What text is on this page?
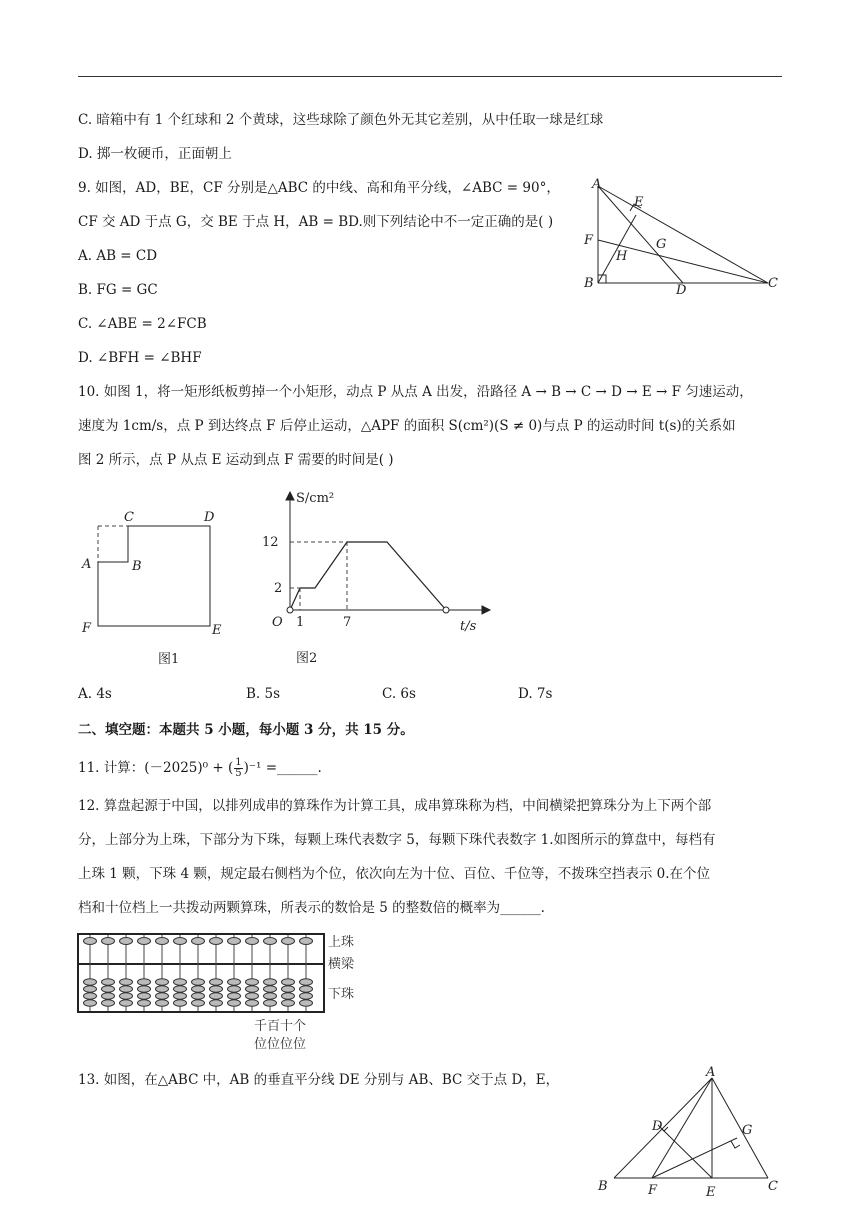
C. 暗箱中有 1 个红球和 2 个黄球，这些球除了颜色外无其它差别，从中任取一球是红球
D. 掷一枚硬币，正面朝上
9. 如图，AD，BE，CF 分别是△ABC 的中线、高和角平分线，∠ABC = 90°，
CF 交 AD 于点 G，交 BE 于点 H，AB = BD.则下列结论中不一定正确的是( )
A. AB = CD
B. FG = GC
C. ∠ABE = 2∠FCB
D. ∠BFH = ∠BHF
A
E
F	G
H
B	D	C
10. 如图 1，将一矩形纸板剪掉一个小矩形，动点 P 从点 A 出发，沿路径 A → B → C → D → E → F 匀速运动，
速度为 1cm/s，点 P 到达终点 F 后停止运动，△APF 的面积 S(cm²)(S ≠ 0)与点 P 的运动时间 t(s)的关系如
图 2 所示，点 P 从点 E 运动到点 F 需要的时间是( )
C	D
A	B
F	E
图1
S/cm²
12
2
O 1	7	t/s
图2
A. 4s	B. 5s	C. 6s	D. 7s
二、填空题：本题共 5 小题，每小题 3 分，共 15 分。
11. 计算：(－2025)⁰ + ( $\frac{1}{5} )^{-1}$ =______.
12. 算盘起源于中国，以排列成串的算珠作为计算工具，成串算珠称为档，中间横梁把算珠分为上下两个部
分，上部分为上珠，下部分为下珠，每颗上珠代表数字 5，每颗下珠代表数字 1.如图所示的算盘中，每档有
上珠 1 颗，下珠 4 颗，规定最右侧档为个位，依次向左为十位、百位、千位等，不拨珠空挡表示 0.在个位
档和十位档上一共拨动两颗算珠，所表示的数恰是 5 的整数倍的概率为______.
上珠
横梁
下珠
千百十个
位位位位
13. 如图，在△ABC 中，AB 的垂直平分线 DE 分别与 AB、BC 交于点 D，E，	A
D	G
B	F	E	C
